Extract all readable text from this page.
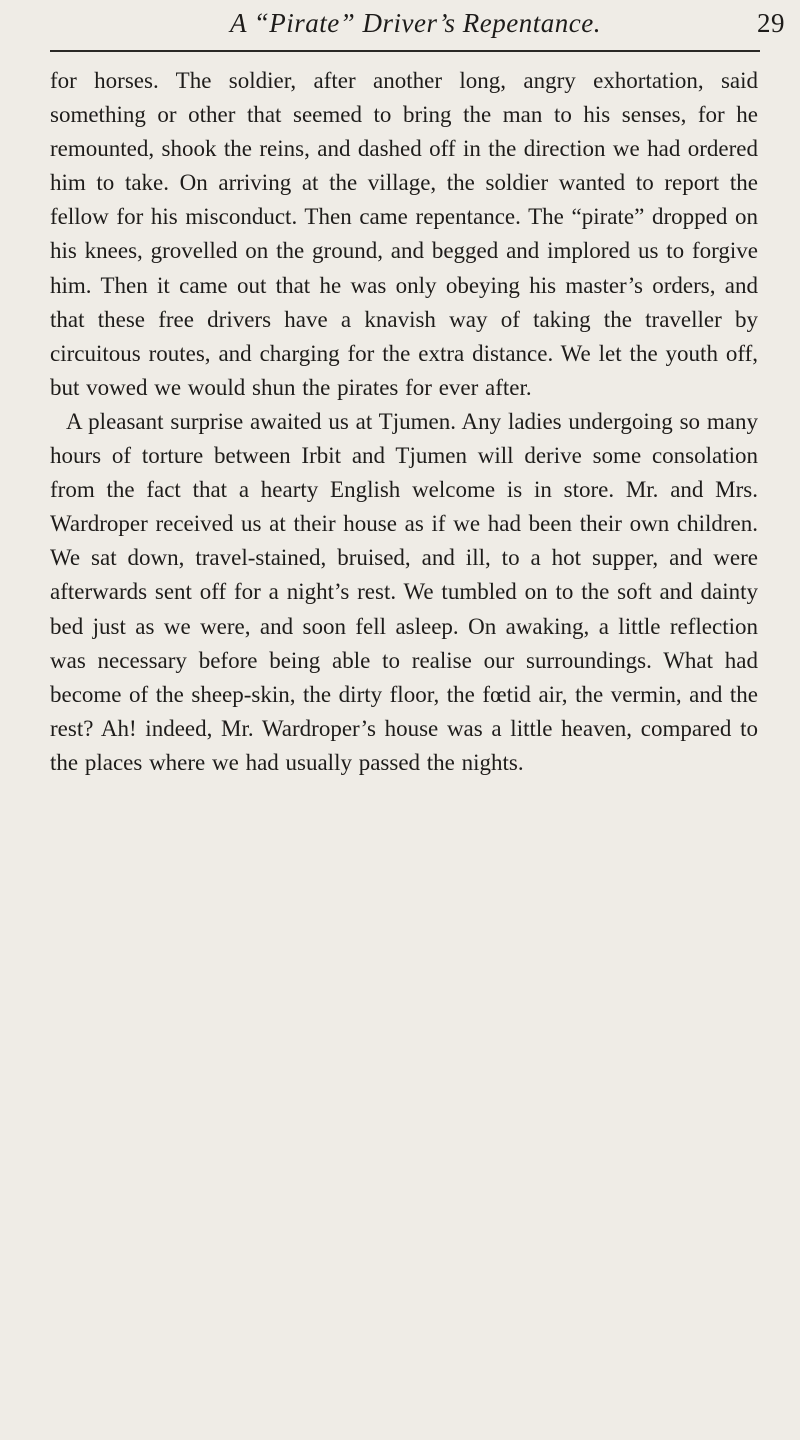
A “Pirate” Driver’s Repentance.	29

for horses. The soldier, after another long, angry exhortation, said something or other that seemed to bring the man to his senses, for he remounted, shook the reins, and dashed off in the direction we had ordered him to take. On arriving at the village, the soldier wanted to report the fellow for his misconduct. Then came repentance. The “pirate” dropped on his knees, grovelled on the ground, and begged and implored us to forgive him. Then it came out that he was only obeying his master’s orders, and that these free drivers have a knavish way of taking the traveller by circuitous routes, and charging for the extra distance. We let the youth off, but vowed we would shun the pirates for ever after.

A pleasant surprise awaited us at Tjumen. Any ladies undergoing so many hours of torture between Irbit and Tjumen will derive some consolation from the fact that a hearty English welcome is in store. Mr. and Mrs. Wardroper received us at their house as if we had been their own children. We sat down, travel-stained, bruised, and ill, to a hot supper, and were afterwards sent off for a night’s rest. We tumbled on to the soft and dainty bed just as we were, and soon fell asleep. On awaking, a little reflection was necessary before being able to realise our surroundings. What had become of the sheep-skin, the dirty floor, the fœtid air, the vermin, and the rest? Ah! indeed, Mr. Wardroper’s house was a little heaven, compared to the places where we had usually passed the nights.
